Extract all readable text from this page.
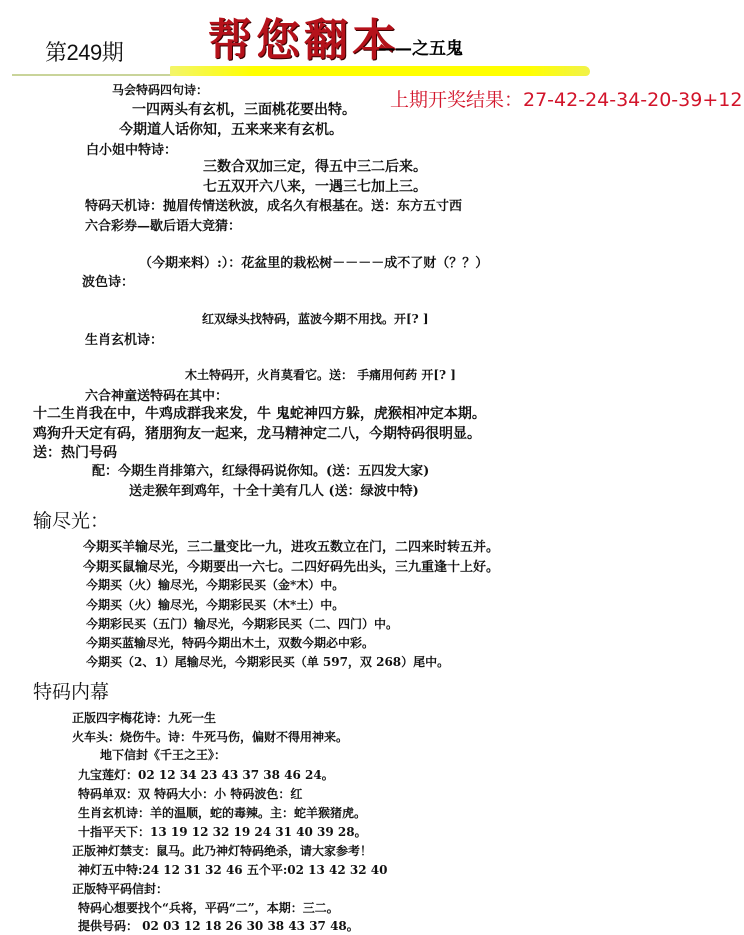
第249期 帮您翻本
——之五鬼
上期开奖结果：27-42-24-34-20-39+12
马会特码四句诗：
一四两头有玄机，三面桃花要出特。
今期道人话你知，五来来来有玄机。
白小姐中特诗：
三数合双加三定，得五中三二后来。
七五双开六八来，一遇三七加上三。
特码天机诗：抛眉传情送秋波，成名久有根基在。送：东方五寸西
六合彩券—歇后语大竞猜：
（今期来料）:）：花盆里的栽松树－－－－成不了财（？？）
波色诗：
红双绿头找特码，蓝波今期不用找。开[? ]
生肖玄机诗：
木土特码开，火肖莫看它。送： 手痛用何药 开[? ]
六合神童送特码在其中：
十二生肖我在中，牛鸡成群我来发，牛 鬼蛇神四方躲，虎猴相冲定本期。
鸡狗升天定有码，猪朋狗友一起来，龙马精神定二八，今期特码很明显。
送：热门号码
配：今期生肖排第六，红绿得码说你知。(送：五四发大家)
送走猴年到鸡年，十全十美有几人 (送：绿波中特)
输尽光：
今期买羊输尽光，三二量变比一九，进攻五数立在门，二四来时转五并。
今期买鼠输尽光，今期要出一六七。二四好码先出头，三九重逢十上好。
今期买（火）输尽光，今期彩民买（金*木）中。
今期买（火）输尽光，今期彩民买（木*土）中。
今期彩民买（五门）输尽光，今期彩民买（二、四门）中。
今期买蓝输尽光，特码今期出木土，双数今期必中彩。
今期买（2、1）尾输尽光，今期彩民买（单 597，双 268）尾中。
特码内幕
正版四字梅花诗：九死一生
火车头：烧伤牛。诗：牛死马伤，偏财不得用神来。
地下信封《千王之王》：
九宝莲灯：02 12 34 23 43 37 38 46 24。
特码单双：双 特码大小：小 特码波色：红
生肖玄机诗：羊的温顺，蛇的毒辣。主：蛇羊猴猪虎。
十指平天下：13 19 12 32 19 24 31 40 39 28。
正版神灯禁支：鼠马。此乃神灯特码绝杀，请大家参考！
神灯五中特:24 12 31 32 46 五个平:02 13 42 32 40
正版特平码信封：
特码心想要找个“兵将，平码“二”，本期：三二。
提供号码： 02 03 12 18 26 30 38 43 37 48。
